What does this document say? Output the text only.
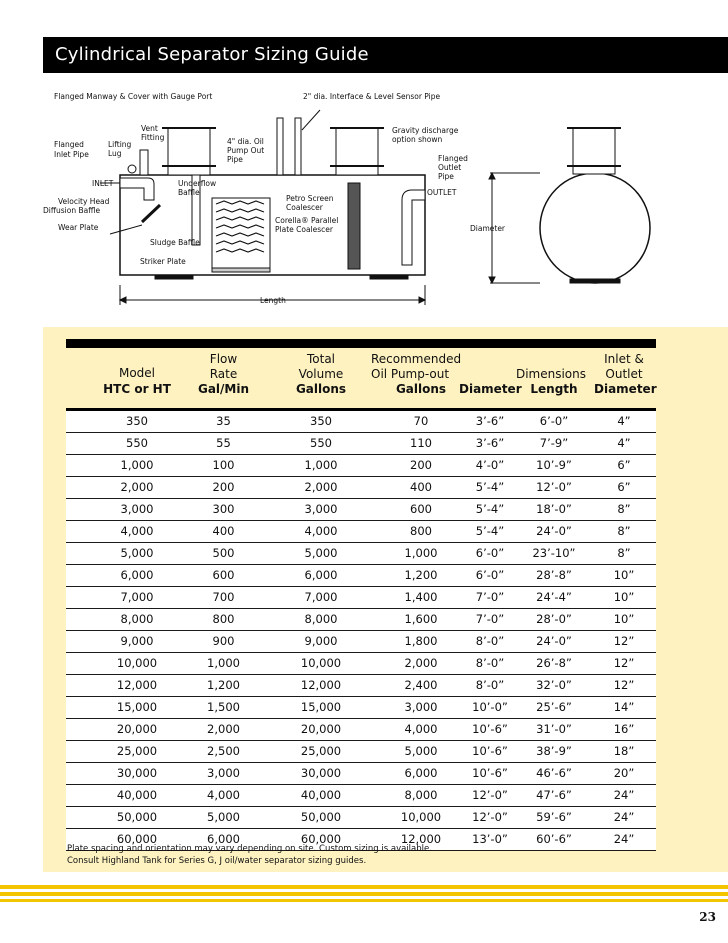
Cylindrical Separator Sizing Guide
Flanged Manway & Cover with Gauge Port	2" dia. Interface & Level Sensor Pipe
Vent
Fitting
Flanged
Inlet Pipe
Lifting
Lug
4" dia. Oil
Pump Out
Pipe
Gravity discharge
option shown
Flanged
Outlet
Pipe
INLET
OUTLET
Underflow
Baffle
Velocity Head
Diffusion Baffle
Petro Screen
Coalescer
Corella® Parallel
Plate Coalescer
Wear Plate
Sludge Baffle
Striker Plate
Diameter
Length
Model
HTC or HT
Flow
Rate
Gal/Min
Total
Volume
Gallons
Recommended
Oil Pump-out
Gallons
Dimensions
Diameter Length
Inlet &
Outlet
Diameter
350	35	350	70	3’-6”	6’-0”	4”
550	55	550	110	3’-6”	7’-9”	4”
1,000	100	1,000	200	4’-0”	10’-9”	6”
2,000	200	2,000	400	5’-4”	12’-0”	6”
3,000	300	3,000	600	5’-4”	18’-0”	8”
4,000	400	4,000	800	5’-4”	24’-0”	8”
5,000	500	5,000	1,000	6’-0”	23’-10”	8”
6,000	600	6,000	1,200	6’-0”	28’-8”	10”
7,000	700	7,000	1,400	7’-0”	24’-4”	10”
8,000	800	8,000	1,600	7’-0”	28’-0”	10”
9,000	900	9,000	1,800	8’-0”	24’-0”	12”
10,000	1,000	10,000	2,000	8’-0”	26’-8”	12”
12,000	1,200	12,000	2,400	8’-0”	32’-0”	12”
15,000	1,500	15,000	3,000	10’-0”	25’-6”	14”
20,000	2,000	20,000	4,000	10’-6”	31’-0”	16”
25,000	2,500	25,000	5,000	10’-6”	38’-9”	18”
30,000	3,000	30,000	6,000	10’-6”	46’-6”	20”
40,000	4,000	40,000	8,000	12’-0”	47’-6”	24”
50,000	5,000	50,000	10,000	12’-0”	59’-6”	24”
60,000	6,000	60,000	12,000	13’-0”	60’-6”	24”
Plate spacing and orientation may vary depending on site. Custom sizing is available.
Consult Highland Tank for Series G, J oil/water separator sizing guides.
23
